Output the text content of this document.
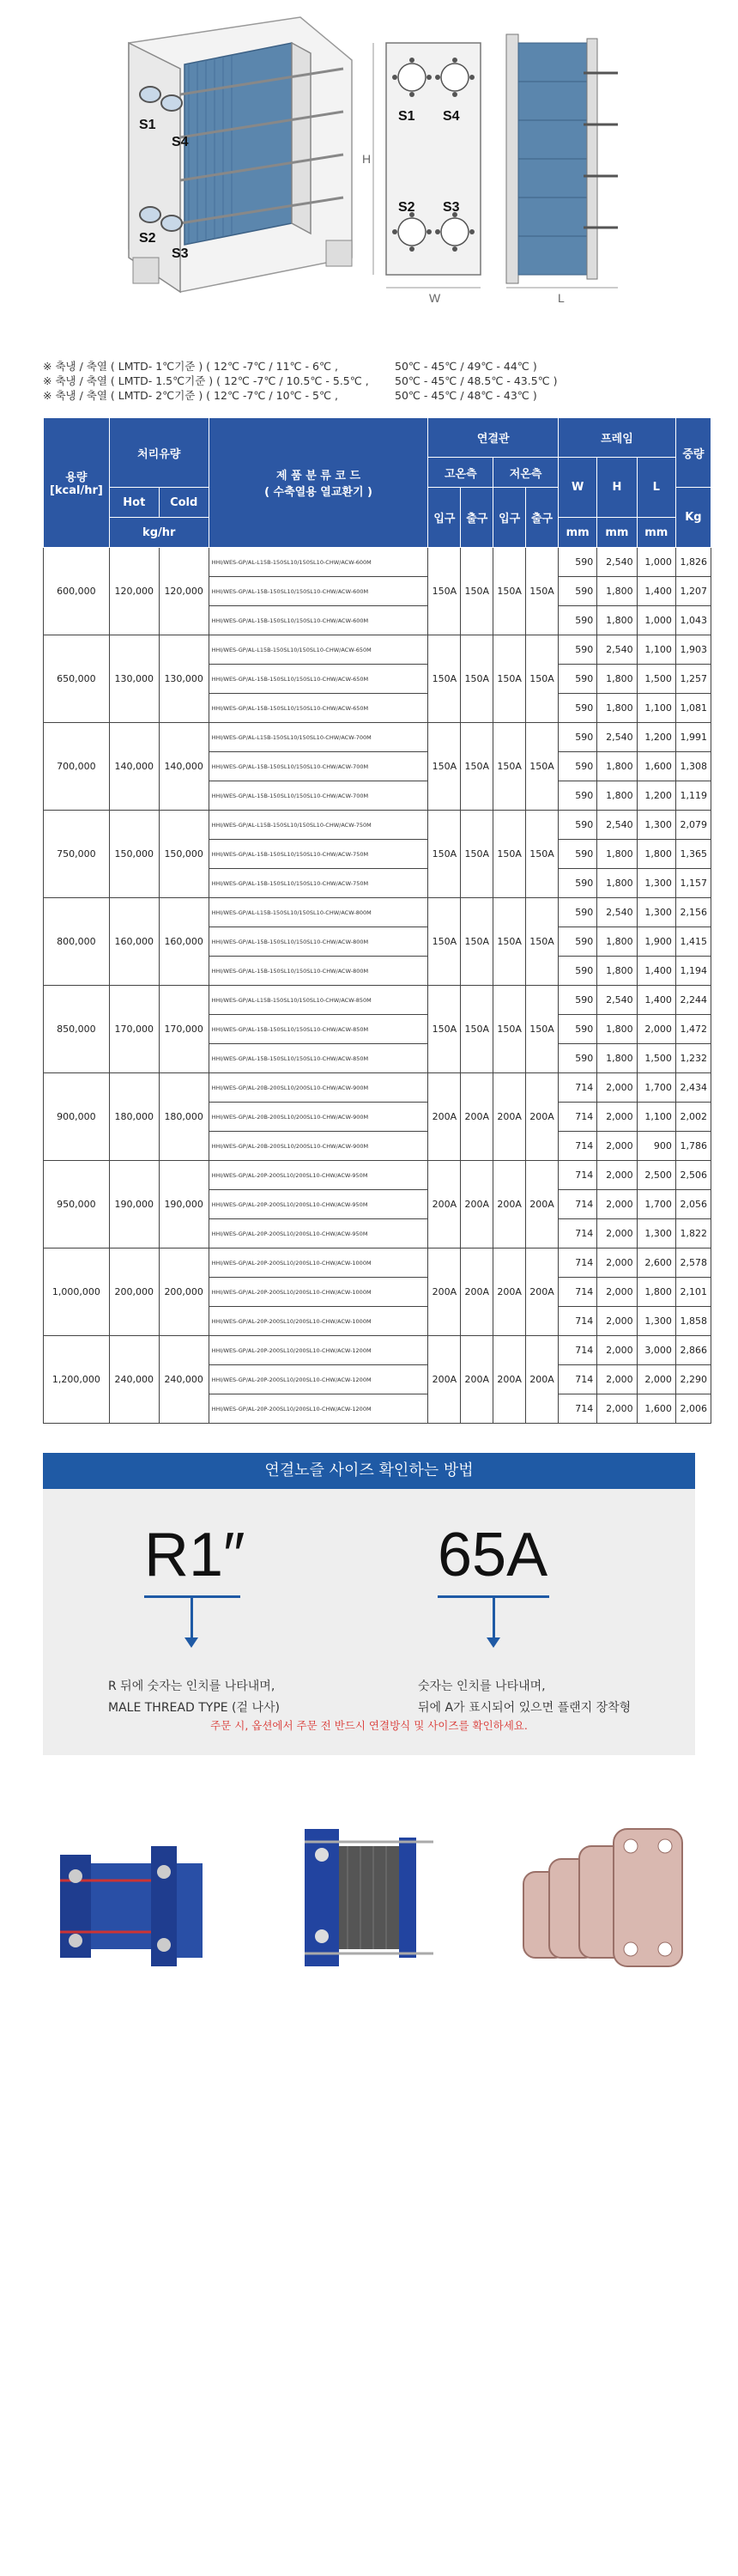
S1
S4
S2
S3
S1 S4
S2 S3
H
W	L
※ 축냉 / 축열 ( LMTD- 1℃기준 ) ( 12℃ -7℃ / 11℃ - 6℃ ,	50℃ - 45℃ / 49℃ - 44℃ )
※ 축냉 / 축열 ( LMTD- 1.5℃기준 ) ( 12℃ -7℃ / 10.5℃ - 5.5℃ , 50℃ - 45℃ / 48.5℃ - 43.5℃ )
※ 축냉 / 축열 ( LMTD- 2℃기준 ) ( 12℃ -7℃ / 10℃ - 5℃ ,	50℃ - 45℃ / 48℃ - 43℃ )
용량
[kcal/hr]	처리유량		제 품 분 류 코 드
( 수축열용 열교환기 )	연결관				프레임			중량
				고온측		저온측		W	H	L	
	Hot	Cold		입구	출구	입구	출구				Kg
	kg/hr							mm	mm	mm	
600,000	120,000	120,000	HHI/WES-GP/AL-L15B-150SL10/150SL10-CHW/ACW-600M	150A	150A	150A	150A	590	2,540	1,000	1,826
			HHI/WES-GP/AL-15B-150SL10/150SL10-CHW/ACW-600M					590	1,800	1,400	1,207
			HHI/WES-GP/AL-15B-150SL10/150SL10-CHW/ACW-600M					590	1,800	1,000	1,043
650,000	130,000	130,000	HHI/WES-GP/AL-L15B-150SL10/150SL10-CHW/ACW-650M	150A	150A	150A	150A	590	2,540	1,100	1,903
			HHI/WES-GP/AL-15B-150SL10/150SL10-CHW/ACW-650M					590	1,800	1,500	1,257
			HHI/WES-GP/AL-15B-150SL10/150SL10-CHW/ACW-650M					590	1,800	1,100	1,081
700,000	140,000	140,000	HHI/WES-GP/AL-L15B-150SL10/150SL10-CHW/ACW-700M	150A	150A	150A	150A	590	2,540	1,200	1,991
			HHI/WES-GP/AL-15B-150SL10/150SL10-CHW/ACW-700M					590	1,800	1,600	1,308
			HHI/WES-GP/AL-15B-150SL10/150SL10-CHW/ACW-700M					590	1,800	1,200	1,119
750,000	150,000	150,000	HHI/WES-GP/AL-L15B-150SL10/150SL10-CHW/ACW-750M	150A	150A	150A	150A	590	2,540	1,300	2,079
			HHI/WES-GP/AL-15B-150SL10/150SL10-CHW/ACW-750M					590	1,800	1,800	1,365
			HHI/WES-GP/AL-15B-150SL10/150SL10-CHW/ACW-750M					590	1,800	1,300	1,157
800,000	160,000	160,000	HHI/WES-GP/AL-L15B-150SL10/150SL10-CHW/ACW-800M	150A	150A	150A	150A	590	2,540	1,300	2,156
			HHI/WES-GP/AL-15B-150SL10/150SL10-CHW/ACW-800M					590	1,800	1,900	1,415
			HHI/WES-GP/AL-15B-150SL10/150SL10-CHW/ACW-800M					590	1,800	1,400	1,194
850,000	170,000	170,000	HHI/WES-GP/AL-L15B-150SL10/150SL10-CHW/ACW-850M	150A	150A	150A	150A	590	2,540	1,400	2,244
			HHI/WES-GP/AL-15B-150SL10/150SL10-CHW/ACW-850M					590	1,800	2,000	1,472
			HHI/WES-GP/AL-15B-150SL10/150SL10-CHW/ACW-850M					590	1,800	1,500	1,232
900,000	180,000	180,000	HHI/WES-GP/AL-20B-200SL10/200SL10-CHW/ACW-900M	200A	200A	200A	200A	714	2,000	1,700	2,434
			HHI/WES-GP/AL-20B-200SL10/200SL10-CHW/ACW-900M					714	2,000	1,100	2,002
			HHI/WES-GP/AL-20B-200SL10/200SL10-CHW/ACW-900M					714	2,000	900	1,786
950,000	190,000	190,000	HHI/WES-GP/AL-20P-200SL10/200SL10-CHW/ACW-950M	200A	200A	200A	200A	714	2,000	2,500	2,506
			HHI/WES-GP/AL-20P-200SL10/200SL10-CHW/ACW-950M					714	2,000	1,700	2,056
			HHI/WES-GP/AL-20P-200SL10/200SL10-CHW/ACW-950M					714	2,000	1,300	1,822
1,000,000	200,000	200,000	HHI/WES-GP/AL-20P-200SL10/200SL10-CHW/ACW-1000M	200A	200A	200A	200A	714	2,000	2,600	2,578
			HHI/WES-GP/AL-20P-200SL10/200SL10-CHW/ACW-1000M					714	2,000	1,800	2,101
			HHI/WES-GP/AL-20P-200SL10/200SL10-CHW/ACW-1000M					714	2,000	1,300	1,858
1,200,000	240,000	240,000	HHI/WES-GP/AL-20P-200SL10/200SL10-CHW/ACW-1200M	200A	200A	200A	200A	714	2,000	3,000	2,866
			HHI/WES-GP/AL-20P-200SL10/200SL10-CHW/ACW-1200M					714	2,000	2,000	2,290
			HHI/WES-GP/AL-20P-200SL10/200SL10-CHW/ACW-1200M					714	2,000	1,600	2,006
연결노즐 사이즈 확인하는 방법
R1″	65A
R 뒤에 숫자는 인치를 나타내며,
MALE THREAD TYPE (겉 나사)
숫자는 인치를 나타내며,
뒤에 A가 표시되어 있으면 플랜지 장착형
주문 시, 옵션에서 주문 전 반드시 연결방식 및 사이즈를 확인하세요.
